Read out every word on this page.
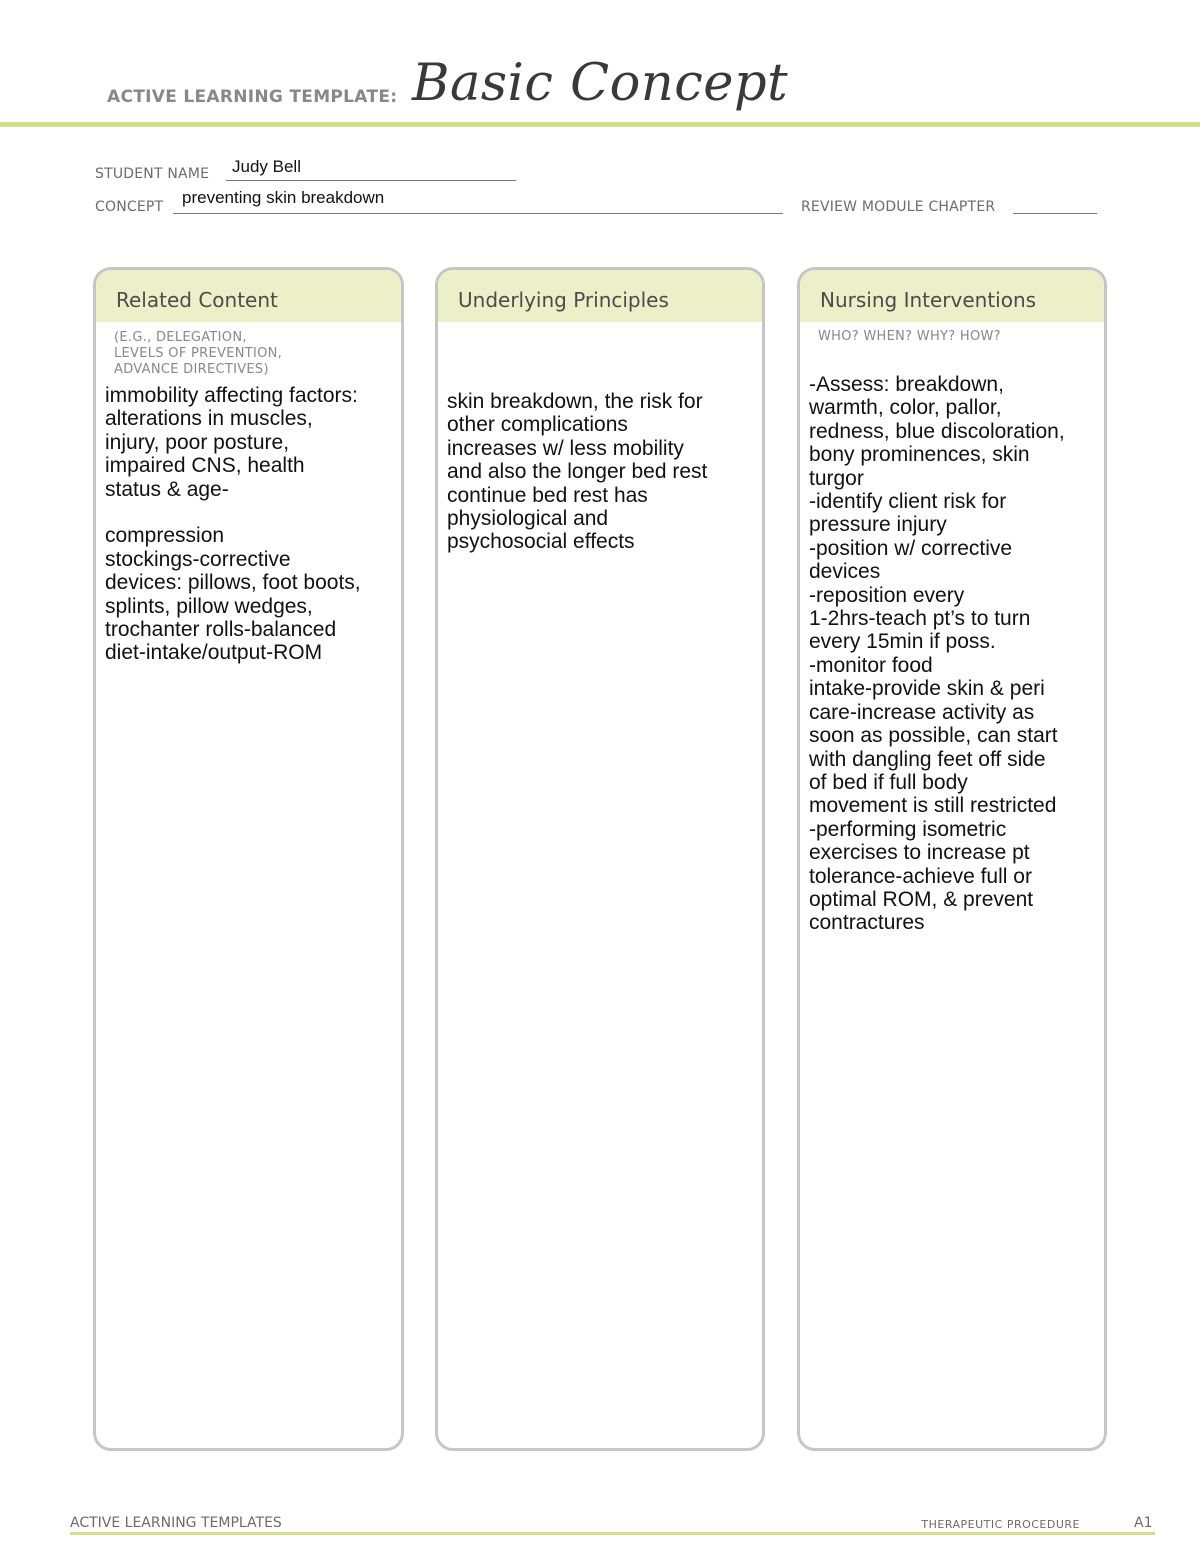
ACTIVE LEARNING TEMPLATE: Basic Concept
STUDENT NAME Judy Bell
CONCEPT preventing skin breakdown	REVIEW MODULE CHAPTER
Related Content
(E.G., DELEGATION,
LEVELS OF PREVENTION,
ADVANCE DIRECTIVES)
immobility affecting factors:
alterations in muscles,
injury, poor posture,
impaired CNS, health
status & age-

compression
stockings-corrective
devices: pillows, foot boots,
splints, pillow wedges,
trochanter rolls-balanced
diet-intake/output-ROM
Underlying Principles
skin breakdown, the risk for
other complications
increases w/ less mobility
and also the longer bed rest
continue bed rest has
physiological and
psychosocial effects
Nursing Interventions
WHO? WHEN? WHY? HOW?
-Assess: breakdown,
warmth, color, pallor,
redness, blue discoloration,
bony prominences, skin
turgor
-identify client risk for
pressure injury
-position w/ corrective
devices
-reposition every
1-2hrs-teach pt’s to turn
every 15min if poss.
-monitor food
intake-provide skin & peri
care-increase activity as
soon as possible, can start
with dangling feet off side
of bed if full body
movement is still restricted
-performing isometric
exercises to increase pt
tolerance-achieve full or
optimal ROM, & prevent
contractures
ACTIVE LEARNING TEMPLATES	THERAPEUTIC PROCEDURE	A1
